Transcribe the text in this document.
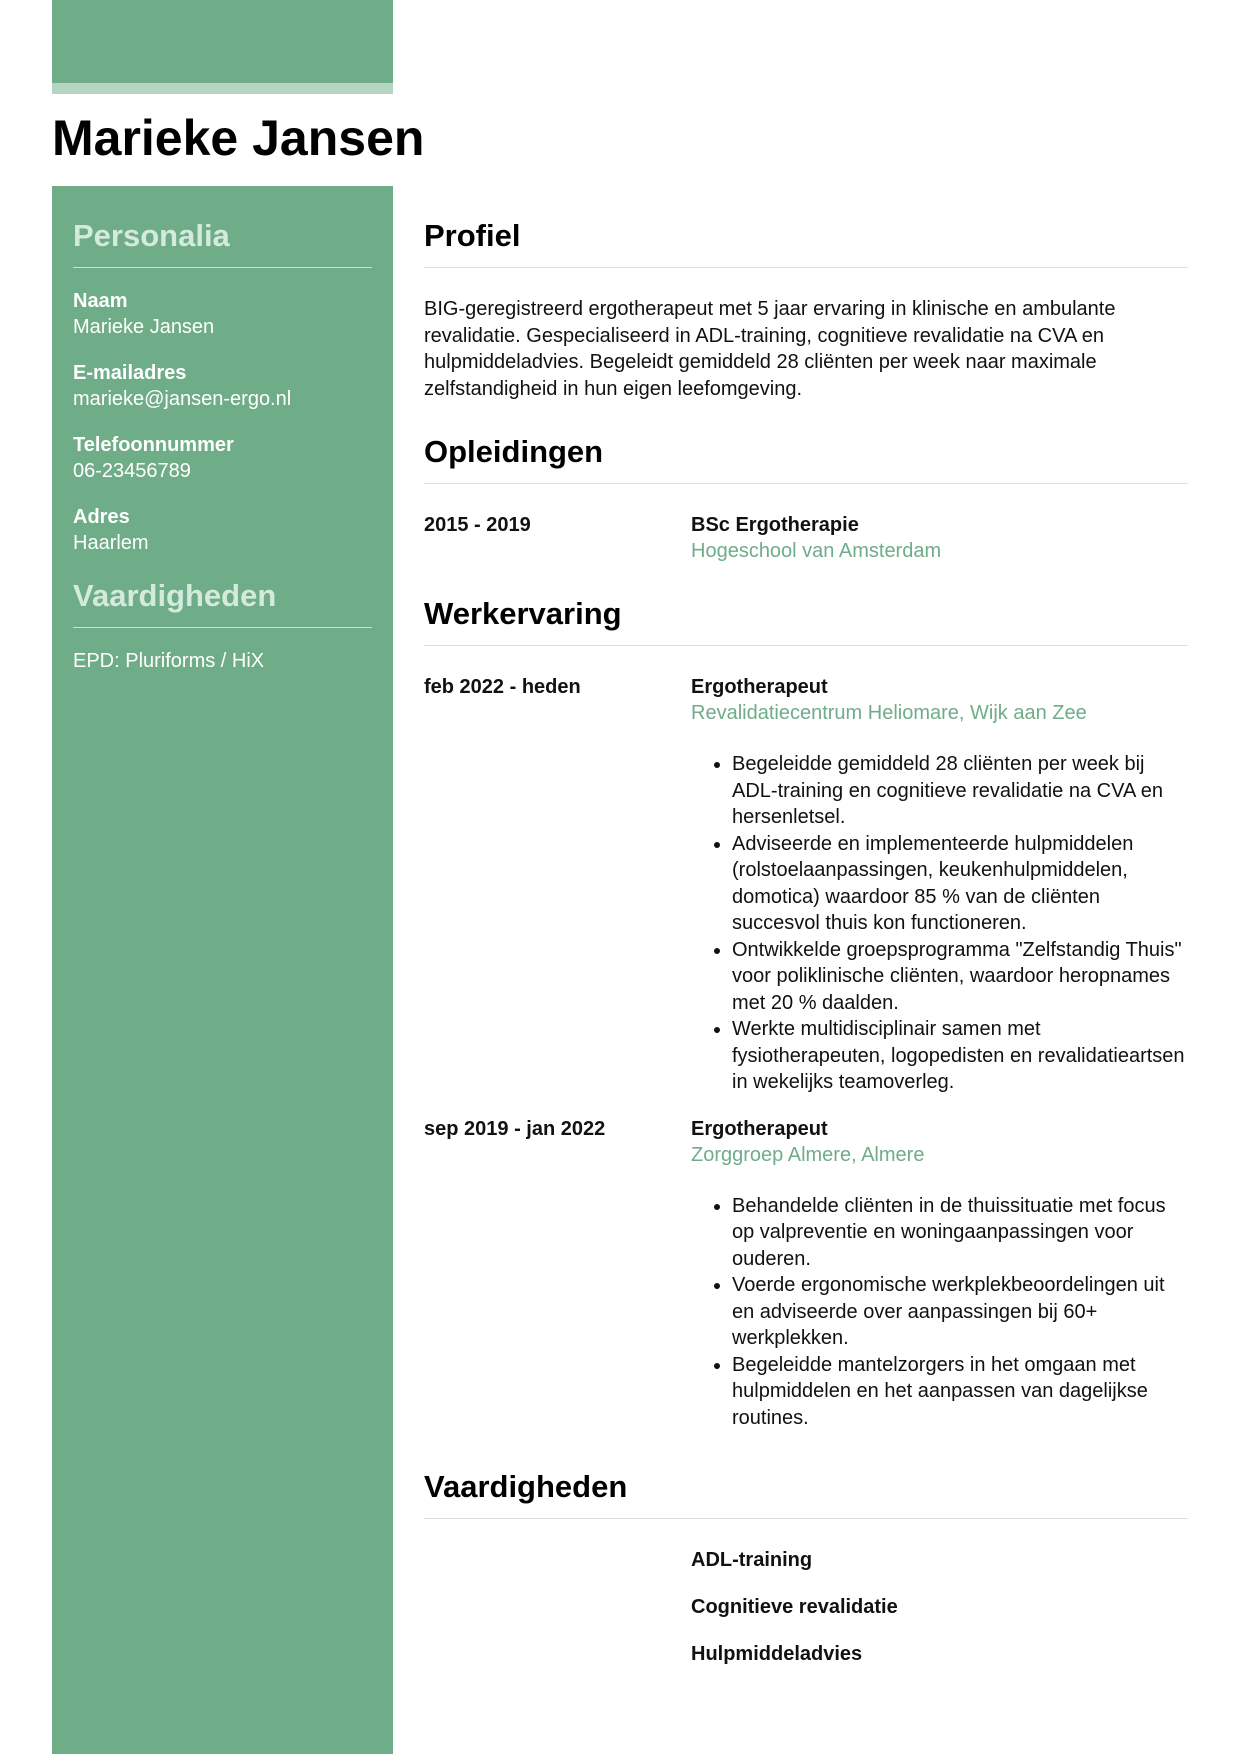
Marieke Jansen
Personalia
Naam
Marieke Jansen
E-mailadres
marieke@jansen-ergo.nl
Telefoonnummer
06-23456789
Adres
Haarlem
Vaardigheden
EPD: Pluriforms / HiX
Profiel

BIG-geregistreerd ergotherapeut met 5 jaar ervaring in klinische en ambulante revalidatie. Gespecialiseerd in ADL-training, cognitieve revalidatie na CVA en hulpmiddeladvies. Begeleidt gemiddeld 28 cliënten per week naar maximale zelfstandigheid in hun eigen leefomgeving.

Opleidingen
2015 - 2019	BSc Ergotherapie
Hogeschool van Amsterdam
Werkervaring
feb 2022 - heden	Ergotherapeut
Revalidatiecentrum Heliomare, Wijk aan Zee
• Begeleidde gemiddeld 28 cliënten per week bij ADL-training en cognitieve revalidatie na CVA en hersenletsel.
• Adviseerde en implementeerde hulpmiddelen (rolstoelaanpassingen, keukenhulpmiddelen, domotica) waardoor 85 % van de cliënten succesvol thuis kon functioneren.
• Ontwikkelde groepsprogramma "Zelfstandig Thuis" voor poliklinische cliënten, waardoor heropnames met 20 % daalden.
• Werkte multidisciplinair samen met fysiotherapeuten, logopedisten en revalidatieartsen in wekelijks teamoverleg.
sep 2019 - jan 2022	Ergotherapeut
Zorggroep Almere, Almere
• Behandelde cliënten in de thuissituatie met focus op valpreventie en woningaanpassingen voor ouderen.
• Voerde ergonomische werkplekbeoordelingen uit en adviseerde over aanpassingen bij 60+ werkplekken.
• Begeleidde mantelzorgers in het omgaan met hulpmiddelen en het aanpassen van dagelijkse routines.
Vaardigheden
ADL-training
Cognitieve revalidatie
Hulpmiddeladvies
